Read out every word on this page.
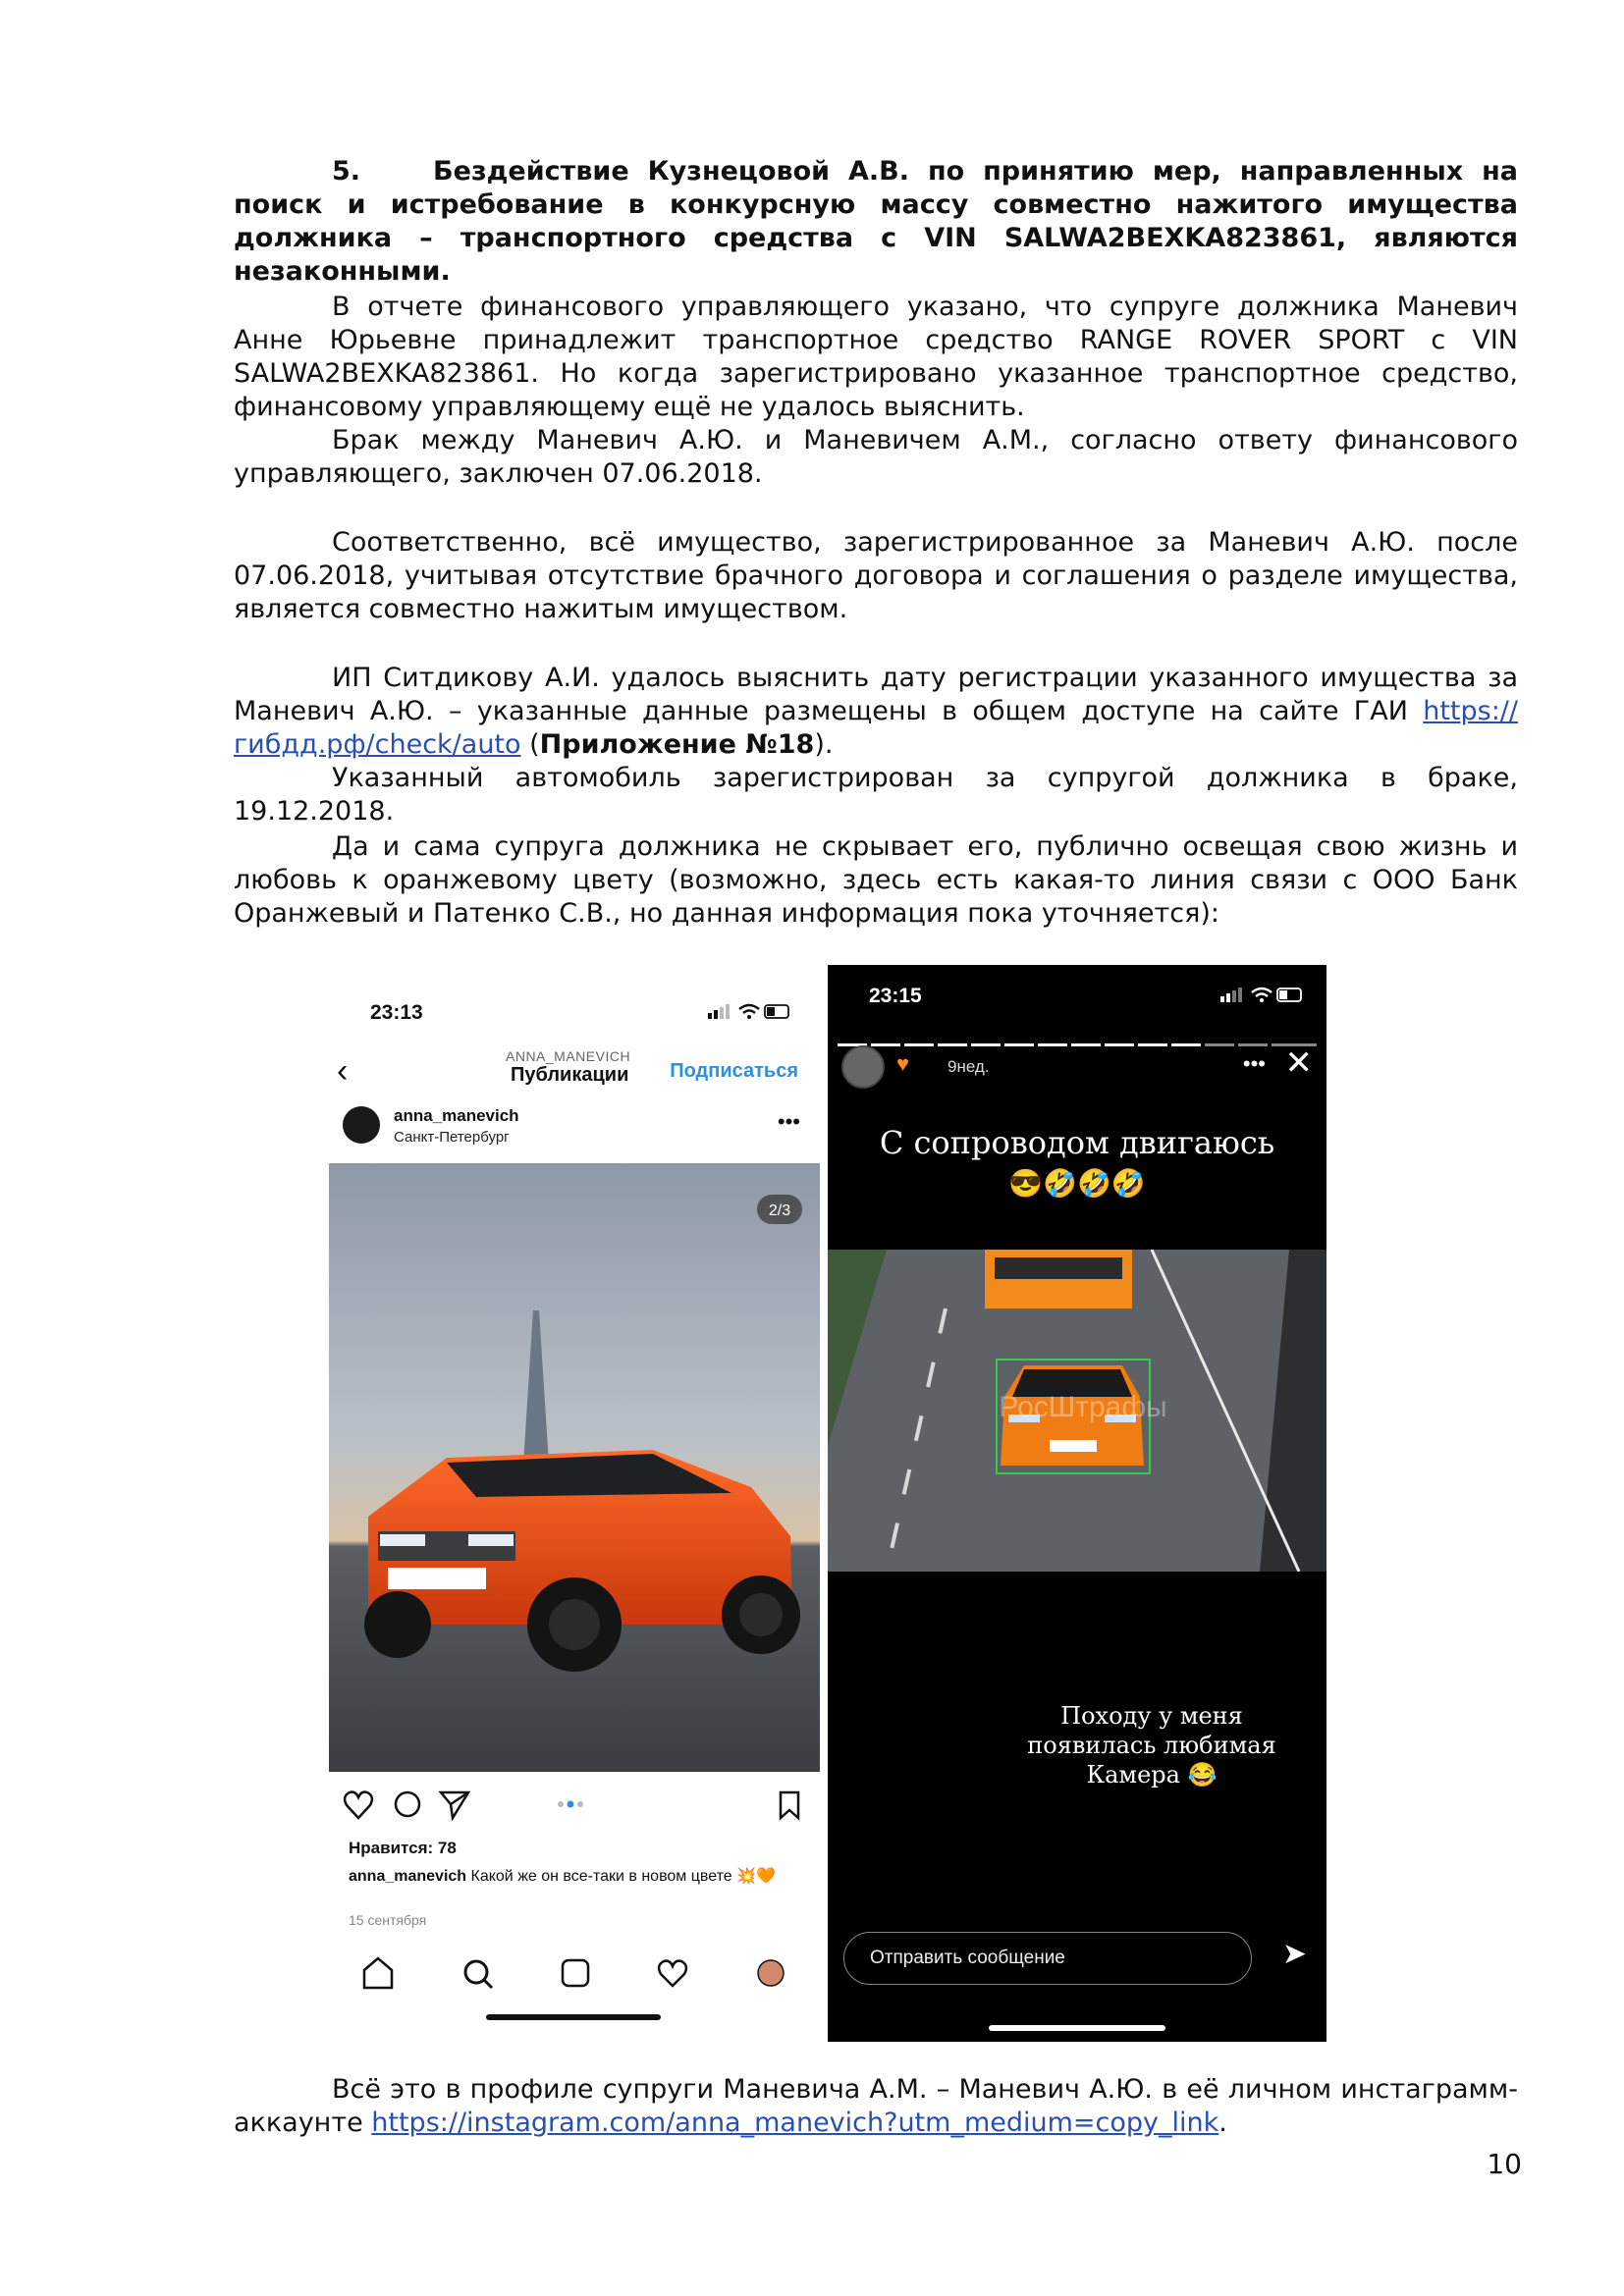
5.	Бездействие Кузнецовой А.В. по принятию мер, направленных на поиск и истребование в конкурсную массу совместно нажитого имущества должника – транспортного средства с VIN SALWA2BEXKA823861, являются незаконными.

В отчете финансового управляющего указано, что супруге должника Маневич Анне Юрьевне принадлежит транспортное средство RANGE ROVER SPORT с VIN SALWA2BEXKA823861. Но когда зарегистрировано указанное транспортное средство, финансовому управляющему ещё не удалось выяснить.

Брак между Маневич А.Ю. и Маневичем А.М., согласно ответу финансового управляющего, заключен 07.06.2018.

Соответственно, всё имущество, зарегистрированное за Маневич А.Ю. после 07.06.2018, учитывая отсутствие брачного договора и соглашения о разделе имущества, является совместно нажитым имуществом.

ИП Ситдикову А.И. удалось выяснить дату регистрации указанного имущества за Маневич А.Ю. – указанные данные размещены в общем доступе на сайте ГАИ https://гибдд.рф/check/auto (Приложение №18).

Указанный автомобиль зарегистрирован за супругой должника в браке, 19.12.2018.

Да и сама супруга должника не скрывает его, публично освещая свою жизнь и любовь к оранжевому цвету (возможно, здесь есть какая-то линия связи с ООО Банк Оранжевый и Патенко С.В., но данная информация пока уточняется):

23:13
‹	ANNA_MANEVICH
Публикации Подписаться
anna_manevich
Санкт-Петербург
•••
2/3
Нравится: 78
anna_manevich Какой же он все-таки в новом цвете 💥🧡
15 сентября
23:15
♥ 9нед.	••• ✕
С сопроводом двигаюсь
😎🤣🤣🤣
РосШтрафы
Походу у меня появилась любимая Камера 😂
Отправить сообщение	➤

Всё это в профиле супруги Маневича А.М. – Маневич А.Ю. в её личном инстаграмм-аккаунте https://instagram.com/anna_manevich?utm_medium=copy_link.

10
